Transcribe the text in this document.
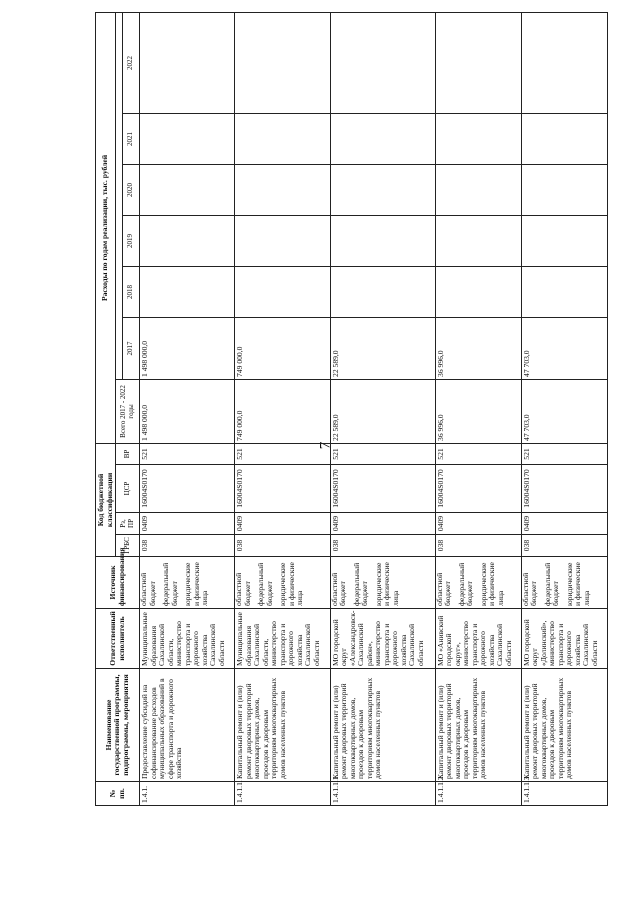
7
№ пп.	Наименование государственной программы, подпрограммы, мероприятия	Ответственный исполнитель	Источник финансирования	Код бюджетной классификации				Расходы по годам реализации, тыс. рублей						
				ГРБС	Рз, ПР	ЦСР	ВР	Всего 2017 - 2022 годы						
									2017	2018	2019	2020	2021	2022
1.4.1.	Предоставление субсидий на софинансирование расходов муниципальных образований в сфере транспорта и дорожного хозяйства	Муниципальные образования Сахалинской области, министерство транспорта и дорожного хозяйства Сахалинской области	областной бюджет федеральный бюджет юридические и физические лица	038	0409	16004S0170	521	1 498 000,0	1 498 000,0					
1.4.1.1.	Капитальный ремонт и (или) ремонт дворовых территорий многоквартирных домов, проездов к дворовым территориям многоквартирных домов населенных пунктов	Муниципальные образования Сахалинской области, министерство транспорта и дорожного хозяйства Сахалинской области	областной бюджет федеральный бюджет юридические и физические лица	038	0409	16004S0170	521	749 000,0	749 000,0					
1.4.1.1.1.	Капитальный ремонт и (или) ремонт дворовых территорий многоквартирных домов, проездов к дворовым территориям многоквартирных домов населенных пунктов	МО городской округ «Александровск-Сахалинский район», министерство транспорта и дорожного хозяйства Сахалинской области	областной бюджет федеральный бюджет юридические и физические лица	038	0409	16004S0170	521	22 589,0	22 589,0					
1.4.1.1.2.	Капитальный ремонт и (или) ремонт дворовых территорий многоквартирных домов, проездов к дворовым территориям многоквартирных домов населенных пунктов	МО «Анивский городской округ», министерство транспорта и дорожного хозяйства Сахалинской области	областной бюджет федеральный бюджет юридические и физические лица	038	0409	16004S0170	521	36 996,0	36 996,0					
1.4.1.1.3.	Капитальный ремонт и (или) ремонт дворовых территорий многоквартирных домов, проездов к дворовым территориям многоквартирных домов населенных пунктов	МО городской округ «Долинский», министерство транспорта и дорожного хозяйства Сахалинской области	областной бюджет федеральный бюджет юридические и физические лица	038	0409	16004S0170	521	47 703,0	47 703,0					
